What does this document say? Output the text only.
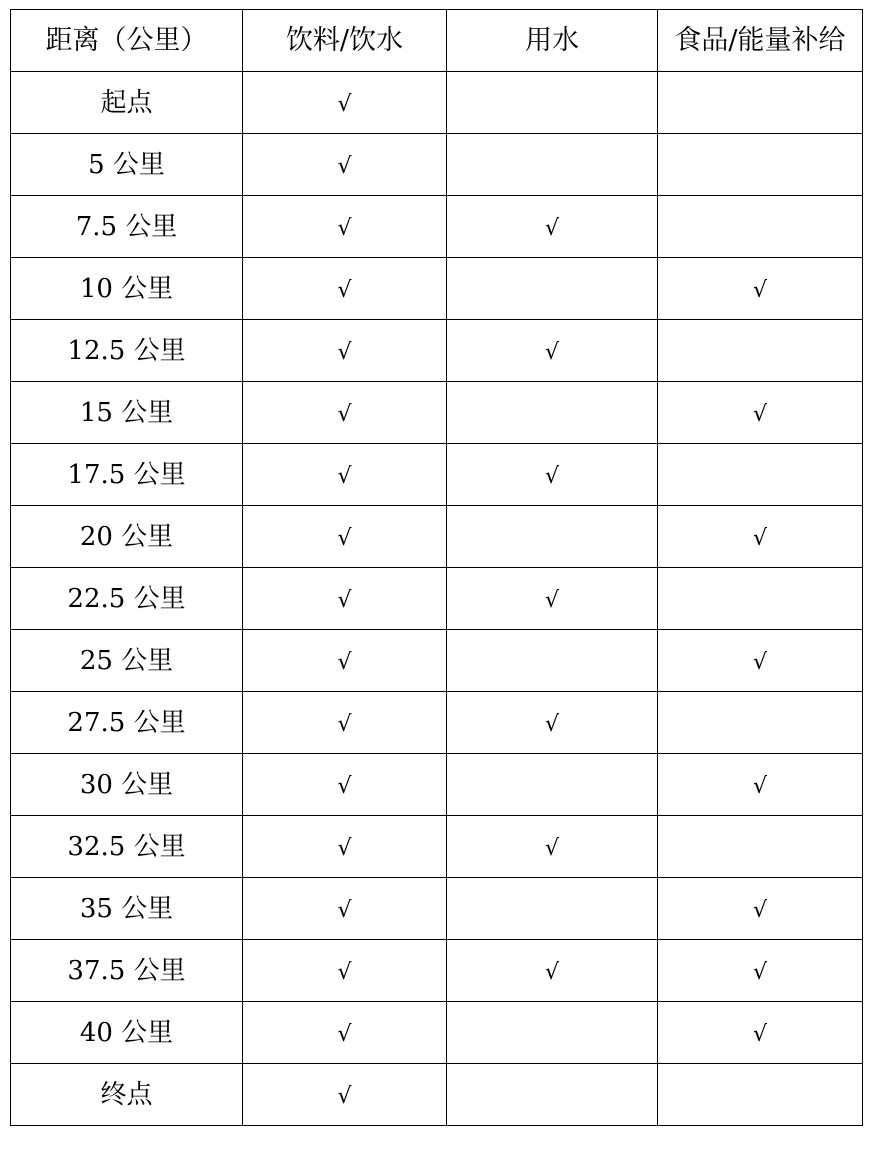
距离（公里）	饮料/饮水	用水	食品/能量补给
起点	√		
5 公里	√		
7.5 公里	√	√	
10 公里	√		√
12.5 公里	√	√	
15 公里	√		√
17.5 公里	√	√	
20 公里	√		√
22.5 公里	√	√	
25 公里	√		√
27.5 公里	√	√	
30 公里	√		√
32.5 公里	√	√	
35 公里	√		√
37.5 公里	√	√	√
40 公里	√		√
终点	√		
